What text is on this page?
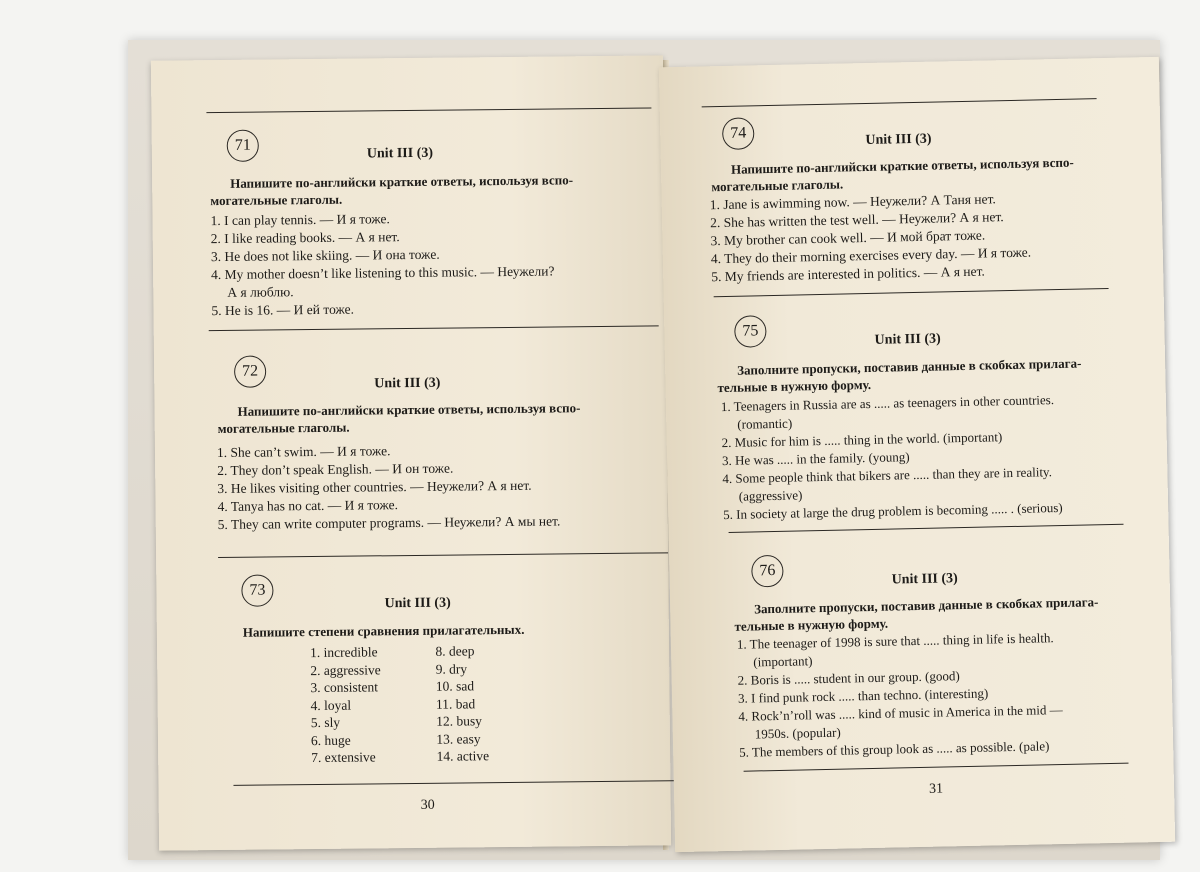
71	Unit III (3)
Напишите по-английски краткие ответы, используя вспо-
могательные глаголы.
1. I can play tennis. — И я тоже.
2. I like reading books. — А я нет.
3. He does not like skiing. — И она тоже.
4. My mother doesn’t like listening to this music. — Неужели?
А я люблю.
5. He is 16. — И ей тоже.
72
Unit III (3)
Напишите по-английски краткие ответы, используя вспо-
могательные глаголы.
1. She can’t swim. — И я тоже.
2. They don’t speak English. — И он тоже.
3. He likes visiting other countries. — Неужели? А я нет.
4. Tanya has no cat. — И я тоже.
5. They can write computer programs. — Неужели? А мы нет.
73
Unit III (3)
Напишите степени сравнения прилагательных.
1. incredible
2. aggressive
3. consistent
4. loyal
5. sly
6. huge
7. extensive

8. deep
9. dry
10. sad
11. bad
12. busy
13. easy
14. active
30
74	Unit III (3)
Напишите по-английски краткие ответы, используя вспо-
могательные глаголы.
1. Jane is awimming now. — Неужели? А Таня нет.
2. She has written the test well. — Неужели? А я нет.
3. My brother can cook well. — И мой брат тоже.
4. They do their morning exercises every day. — И я тоже.
5. My friends are interested in politics. — А я нет.
75
Unit III (3)
Заполните пропуски, поставив данные в скобках прилага-
тельные в нужную форму.
1. Teenagers in Russia are as ..... as teenagers in other countries.
(romantic)
2. Music for him is ..... thing in the world. (important)
3. He was ..... in the family. (young)
4. Some people think that bikers are ..... than they are in reality.
(aggressive)
5. In society at large the drug problem is becoming ..... . (serious)
76
Unit III (3)
Заполните пропуски, поставив данные в скобках прилага-
тельные в нужную форму.
1. The teenager of 1998 is sure that ..... thing in life is health.
(important)
2. Boris is ..... student in our group. (good)
3. I find punk rock ..... than techno. (interesting)
4. Rock’n’roll was ..... kind of music in America in the mid —
1950s. (popular)
5. The members of this group look as ..... as possible. (pale)
31
